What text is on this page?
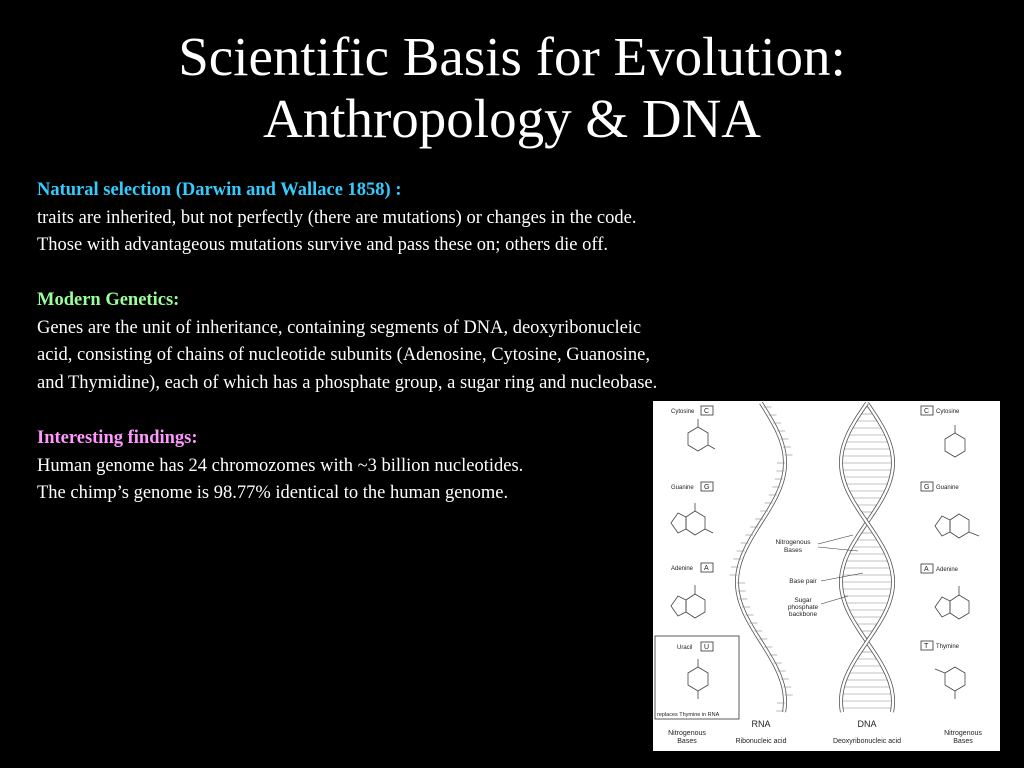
Scientific Basis for Evolution:
Anthropology & DNA
Natural selection (Darwin and Wallace 1858) :
traits are inherited, but not perfectly (there are mutations) or changes in the code.
Those with advantageous mutations survive and pass these on; others die off.
Modern Genetics:
Genes are the unit of inheritance, containing segments of DNA, deoxyribonucleic
acid, consisting of chains of nucleotide subunits (Adenosine, Cytosine, Guanosine,
and Thymidine), each of which has a phosphate group, a sugar ring and nucleobase.
Interesting findings:
Human genome has 24 chromozomes with ~3 billion nucleotides.
The chimp’s genome is 98.77% identical to the human genome.
Cytosine C
Guanine G
Adenine A
Uracil U
replaces Thymine in RNA
C Cytosine
G Guanine
A Adenine
T Thymine
Nitrogenous
Bases
Base pair
Sugar
phosphate
backbone
Nitrogenous
Bases
RNA
Ribonucleic acid
DNA
Deoxyribonucleic acid
Nitrogenous
Bases
